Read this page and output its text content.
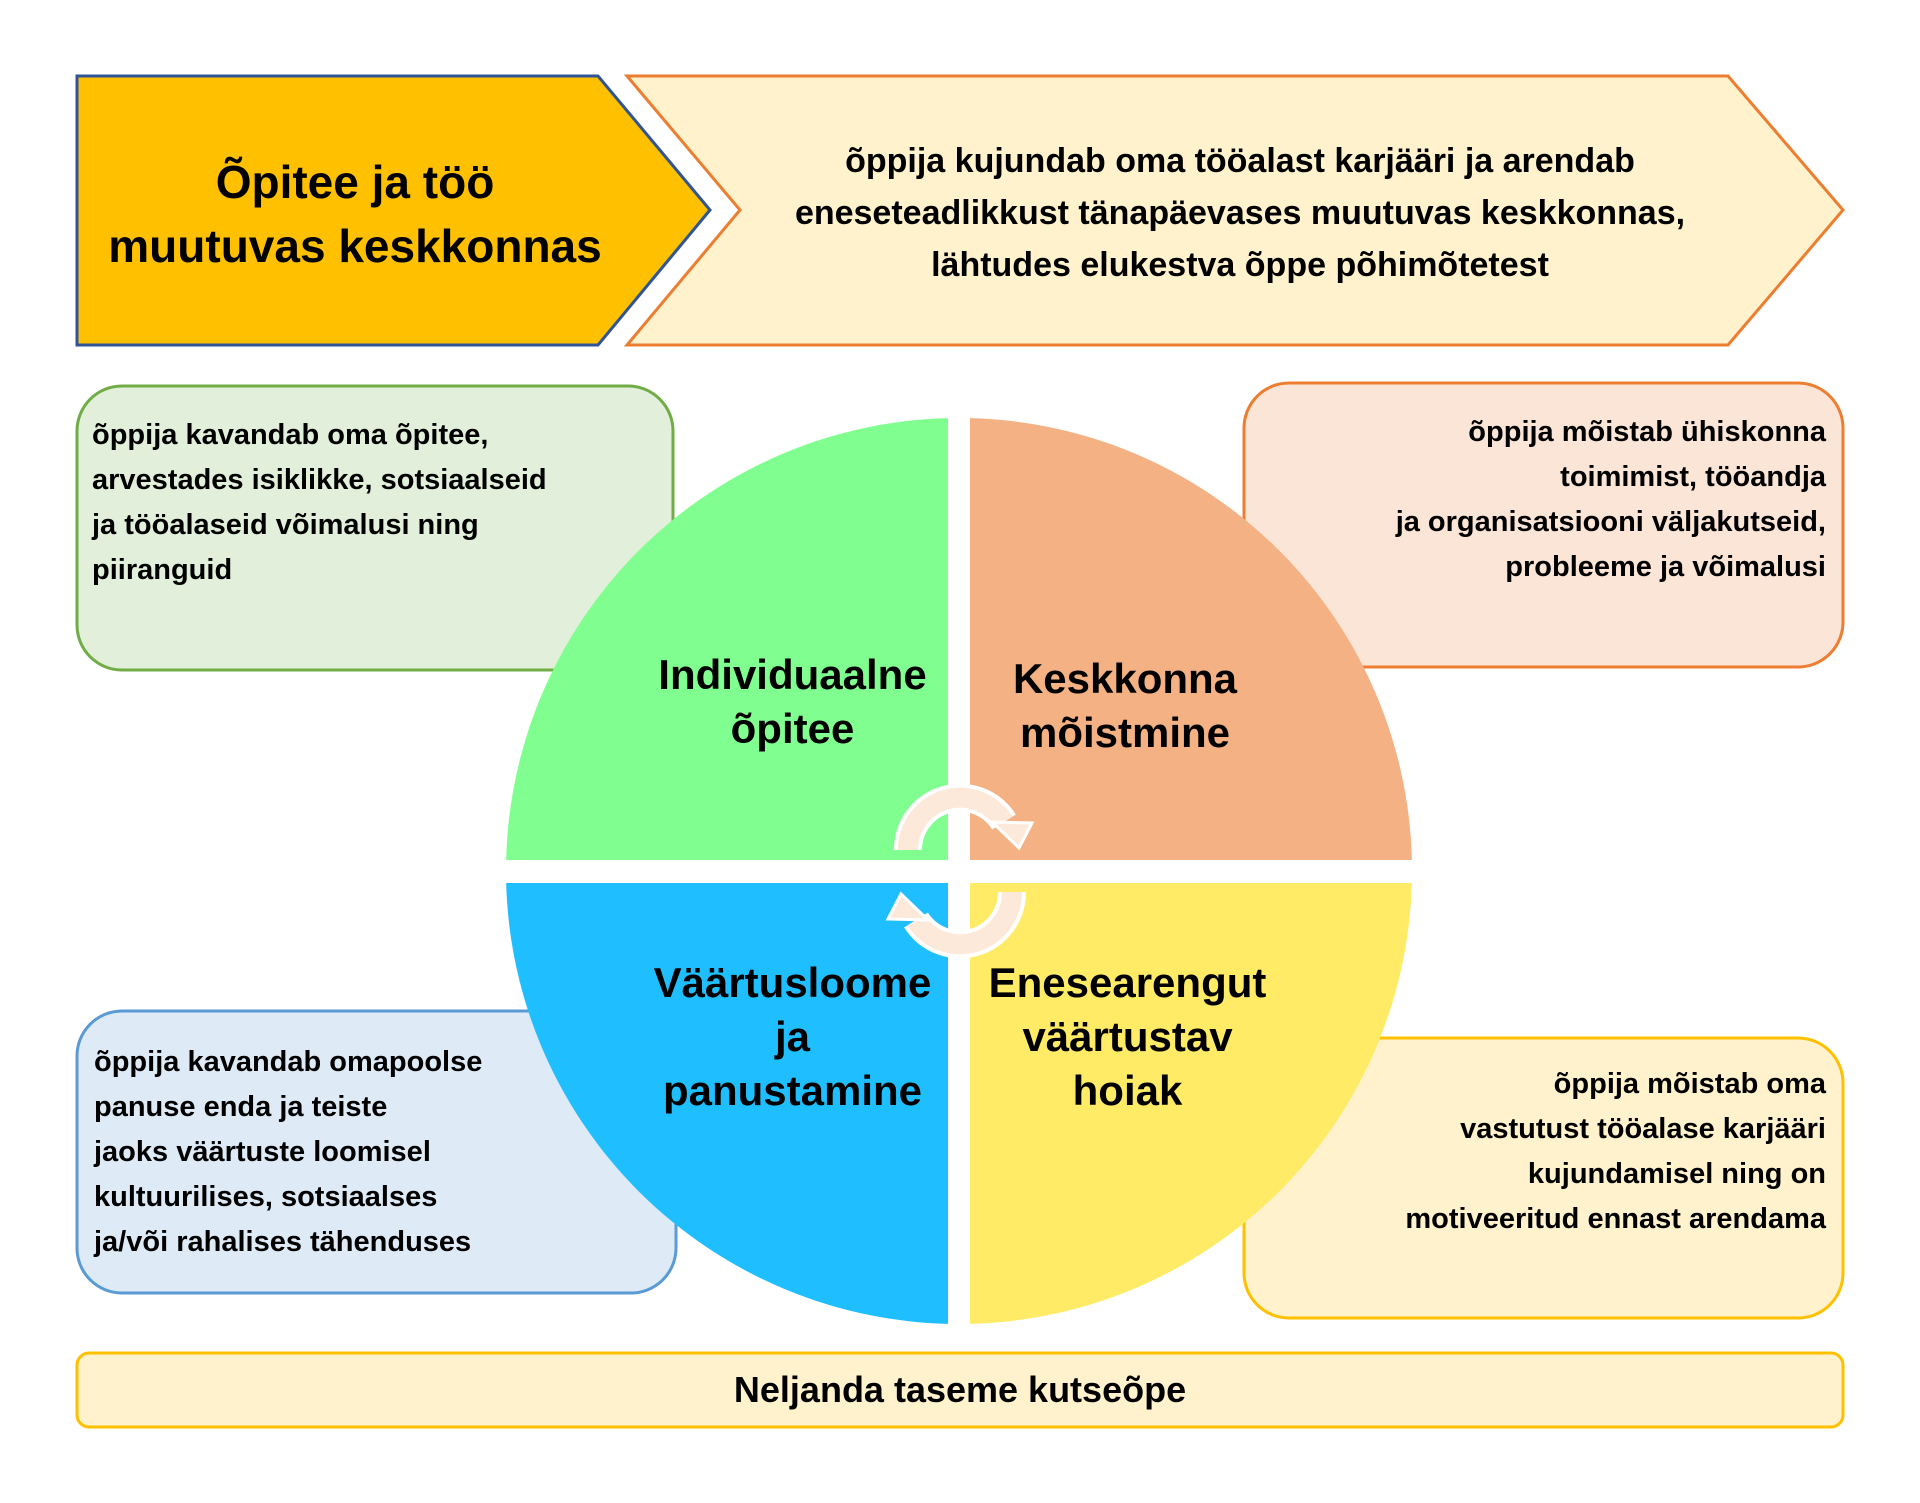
Õpitee ja töö
muutuvas keskkonnas
õppija kujundab oma tööalast karjääri ja arendab
eneseteadlikkust tänapäevases muutuvas keskkonnas,
lähtudes elukestva õppe põhimõtetest
õppija kavandab oma õpitee,
arvestades isiklikke, sotsiaalseid
ja tööalaseid võimalusi ning
piiranguid
õppija mõistab ühiskonna
toimimist, tööandja
ja organisatsiooni väljakutseid,
probleeme ja võimalusi
õppija kavandab omapoolse
panuse enda ja teiste
jaoks väärtuste loomisel
kultuurilises, sotsiaalses
ja/või rahalises tähenduses
õppija mõistab oma
vastutust tööalase karjääri
kujundamisel ning on
motiveeritud ennast arendama
Individuaalne
õpitee
Keskkonna
mõistmine
Väärtusloome
ja
panustamine
Enesearengut
väärtustav
hoiak
Neljanda taseme kutseõpe
